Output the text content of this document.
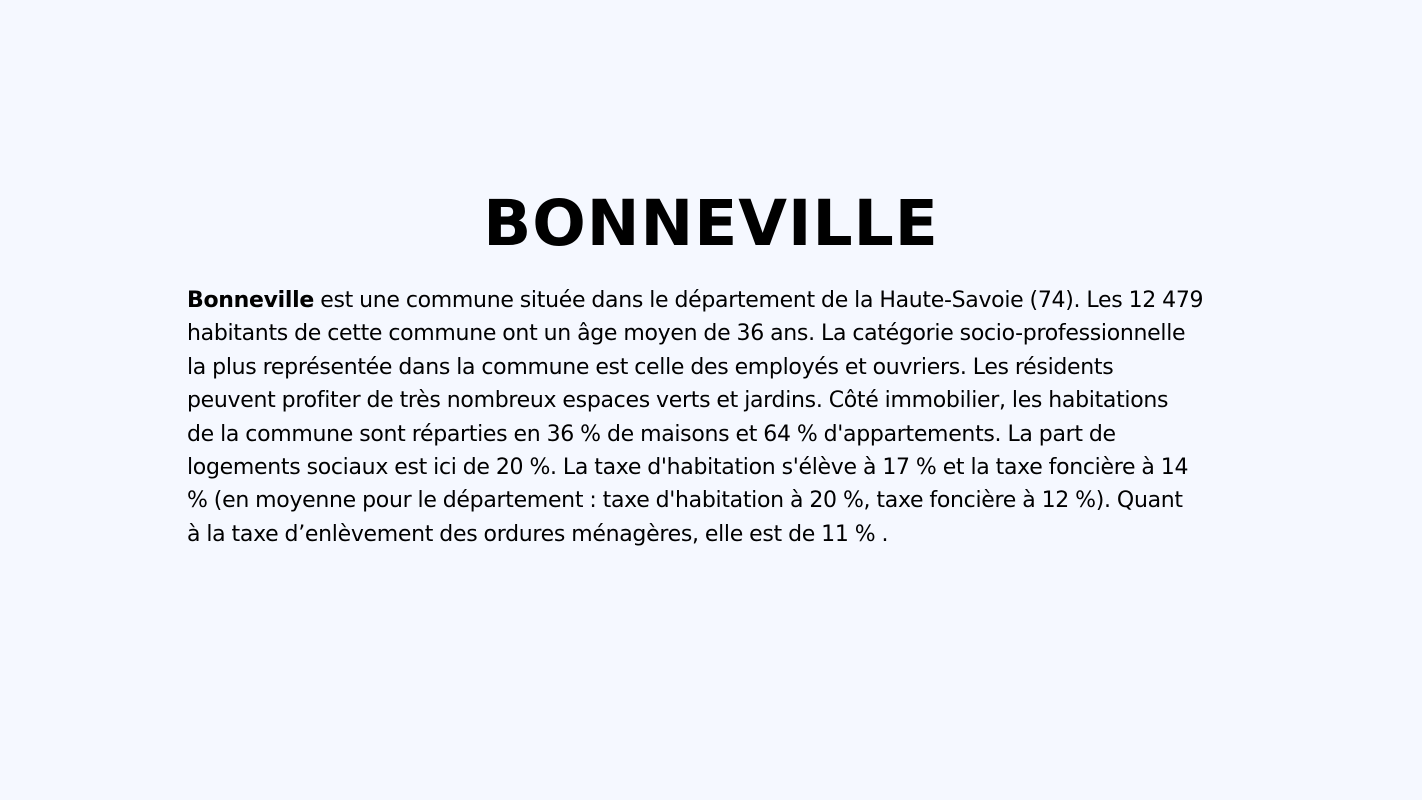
BONNEVILLE

Bonneville est une commune située dans le département de la Haute-Savoie (74). Les 12 479
habitants de cette commune ont un âge moyen de 36 ans. La catégorie socio-professionnelle
la plus représentée dans la commune est celle des employés et ouvriers. Les résidents
peuvent profiter de très nombreux espaces verts et jardins. Côté immobilier, les habitations
de la commune sont réparties en 36 % de maisons et 64 % d'appartements. La part de
logements sociaux est ici de 20 %. La taxe d'habitation s'élève à 17 % et la taxe foncière à 14
% (en moyenne pour le département : taxe d'habitation à 20 %, taxe foncière à 12 %). Quant
à la taxe d’enlèvement des ordures ménagères, elle est de 11 % .
